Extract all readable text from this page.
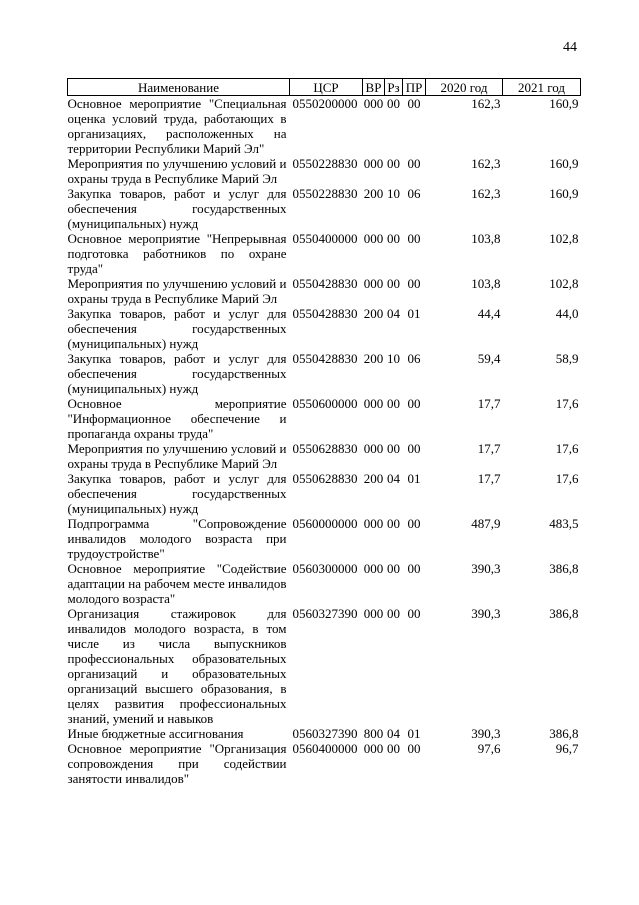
44
Наименование	ЦСР	ВР	Рз	ПР	2020 год	2021 год
Основное мероприятие "Специальная оценка условий труда, работающих в организациях, расположенных на территории Республики Марий Эл"	0550200000	000	00	00	162,3	160,9
Мероприятия по улучшению условий и охраны труда в Республике Марий Эл	0550228830	000	00	00	162,3	160,9
Закупка товаров, работ и услуг для обеспечения государственных (муниципальных) нужд	0550228830	200	10	06	162,3	160,9
Основное мероприятие "Непрерывная подготовка работников по охране труда"	0550400000	000	00	00	103,8	102,8
Мероприятия по улучшению условий и охраны труда в Республике Марий Эл	0550428830	000	00	00	103,8	102,8
Закупка товаров, работ и услуг для обеспечения государственных (муниципальных) нужд	0550428830	200	04	01	44,4	44,0
Закупка товаров, работ и услуг для обеспечения государственных (муниципальных) нужд	0550428830	200	10	06	59,4	58,9
Основное мероприятие "Информационное обеспечение и пропаганда охраны труда"	0550600000	000	00	00	17,7	17,6
Мероприятия по улучшению условий и охраны труда в Республике Марий Эл	0550628830	000	00	00	17,7	17,6
Закупка товаров, работ и услуг для обеспечения государственных (муниципальных) нужд	0550628830	200	04	01	17,7	17,6
Подпрограмма "Сопровождение инвалидов молодого возраста при трудоустройстве"	0560000000	000	00	00	487,9	483,5
Основное мероприятие "Содействие адаптации на рабочем месте инвалидов молодого возраста"	0560300000	000	00	00	390,3	386,8
Организация стажировок для инвалидов молодого возраста, в том числе из числа выпускников профессиональных образовательных организаций и образовательных организаций высшего образования, в целях развития профессиональных знаний, умений и навыков	0560327390	000	00	00	390,3	386,8
Иные бюджетные ассигнования	0560327390	800	04	01	390,3	386,8
Основное мероприятие "Организация сопровождения при содействии занятости инвалидов"	0560400000	000	00	00	97,6	96,7
